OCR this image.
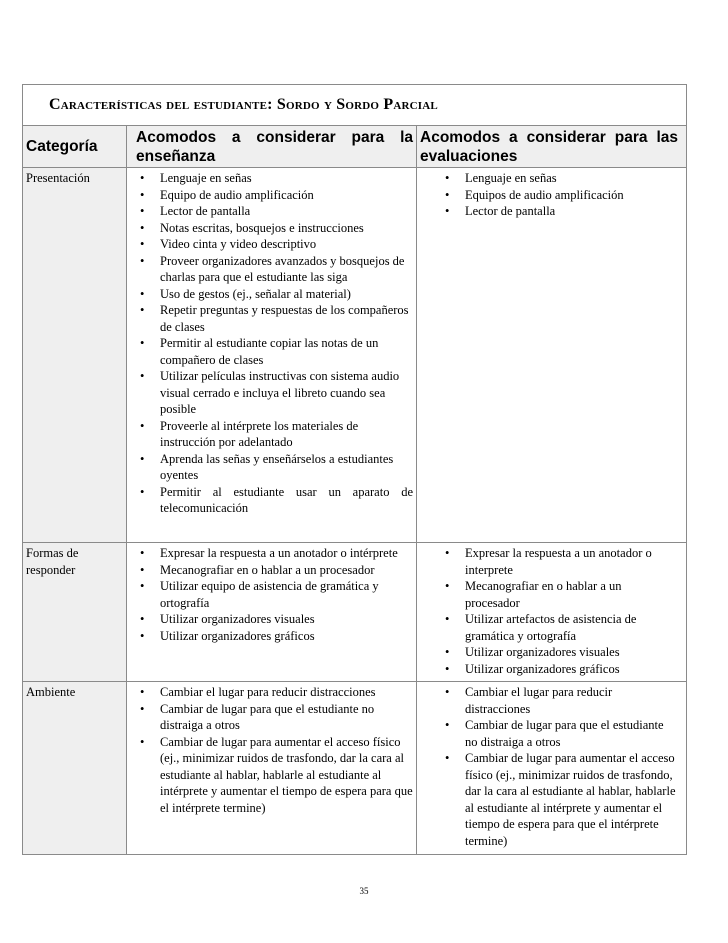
Características del estudiante : Sordo y Sordo Parcial
Categoría
Acomodos a considerar para la enseñanza
Acomodos a considerar para las evaluaciones
Presentación	• Lenguaje en señas
• Equipo de audio amplificación
• Lector de pantalla
• Notas escritas, bosquejos e instrucciones
• Video cinta y video descriptivo
• Proveer organizadores avanzados y bosquejos de charlas para que el estudiante las siga
• Uso de gestos (ej., señalar al material)
• Repetir preguntas y respuestas de los compañeros de clases
• Permitir al estudiante copiar las notas de un compañero de clases
• Utilizar películas instructivas con sistema audio visual cerrado e incluya el libreto cuando sea posible
• Proveerle al intérprete los materiales de instrucción por adelantado
• Aprenda las señas y enseñárselos a estudiantes oyentes
• Permitir al estudiante usar un aparato de telecomunicación
• Lenguaje en señas
• Equipos de audio amplificación
• Lector de pantalla
Formas de responder
• Expresar la respuesta a un anotador o intérprete
• Mecanografiar en o hablar a un procesador
• Utilizar equipo de asistencia de gramática y ortografía
• Utilizar organizadores visuales
• Utilizar organizadores gráficos
• Expresar la respuesta a un anotador o interprete
• Mecanografiar en o hablar a un procesador
• Utilizar artefactos de asistencia de gramática y ortografía
• Utilizar organizadores visuales
• Utilizar organizadores gráficos
Ambiente	• Cambiar el lugar para reducir distracciones
• Cambiar de lugar para que el estudiante no distraiga a otros
• Cambiar de lugar para aumentar el acceso físico (ej., minimizar ruidos de trasfondo, dar la cara al estudiante al hablar, hablarle al estudiante al intérprete y aumentar el tiempo de espera para que el intérprete termine)
• Cambiar el lugar para reducir distracciones
• Cambiar de lugar para que el estudiante no distraiga a otros
• Cambiar de lugar para aumentar el acceso físico (ej., minimizar ruidos de trasfondo, dar la cara al estudiante al hablar, hablarle al estudiante al intérprete y aumentar el tiempo de espera para que el intérprete termine)
35
